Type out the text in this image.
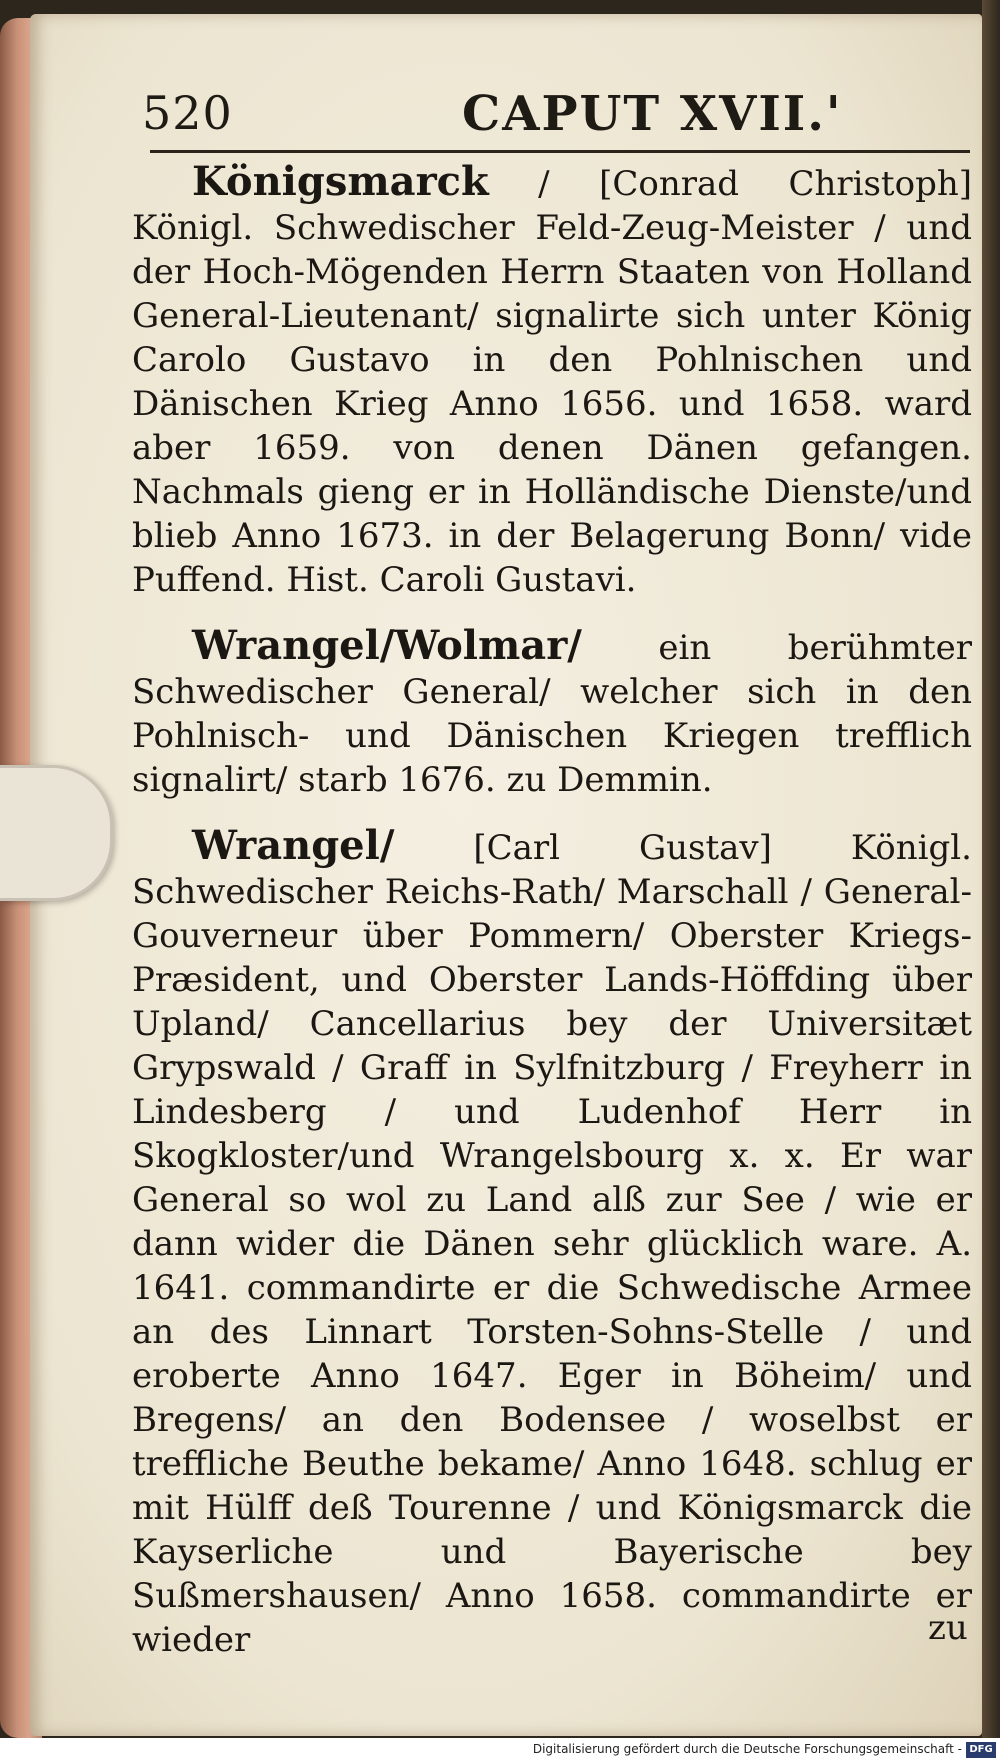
520	CAPUT XVII.'

Königsmarck / [Conrad Christoph] Königl. Schwedischer Feld-Zeug-Meister / und der Hoch-Mögenden Herrn Staaten von Holland General-Lieutenant/ signalirte sich unter König Carolo Gustavo in den Pohlnischen und Dänischen Krieg Anno 1656. und 1658. ward aber 1659. von denen Dänen gefangen. Nachmals gieng er in Holländische Dienste/und blieb Anno 1673. in der Belagerung Bonn/ vide Puffend. Hist. Caroli Gustavi.

Wrangel/Wolmar/ ein berühmter Schwedischer General/ welcher sich in den Pohlnisch- und Dänischen Kriegen trefflich signalirt/ starb 1676. zu Demmin.

Wrangel/ [Carl Gustav] Königl. Schwedischer Reichs-Rath/ Marschall / General-Gouverneur über Pommern/ Oberster Kriegs-Præsident, und Oberster Lands-Höffding über Upland/ Cancellarius bey der Universitæt Grypswald / Graff in Sylfnitzburg / Freyherr in Lindesberg / und Ludenhof Herr in Skogkloster/und Wrangelsbourg x. x. Er war General so wol zu Land alß zur See / wie er dann wider die Dänen sehr glücklich ware. A. 1641. commandirte er die Schwedische Armee an des Linnart Torsten-Sohns-Stelle / und eroberte Anno 1647. Eger in Böheim/ und Bregens/ an den Bodensee / woselbst er treffliche Beuthe bekame/ Anno 1648. schlug er mit Hülff deß Tourenne / und Königsmarck die Kayserliche und Bayerische bey Sußmershausen/ Anno 1658. commandirte er wieder	zu
Digitalisierung gefördert durch die Deutsche Forschungsgemeinschaft - DFG
